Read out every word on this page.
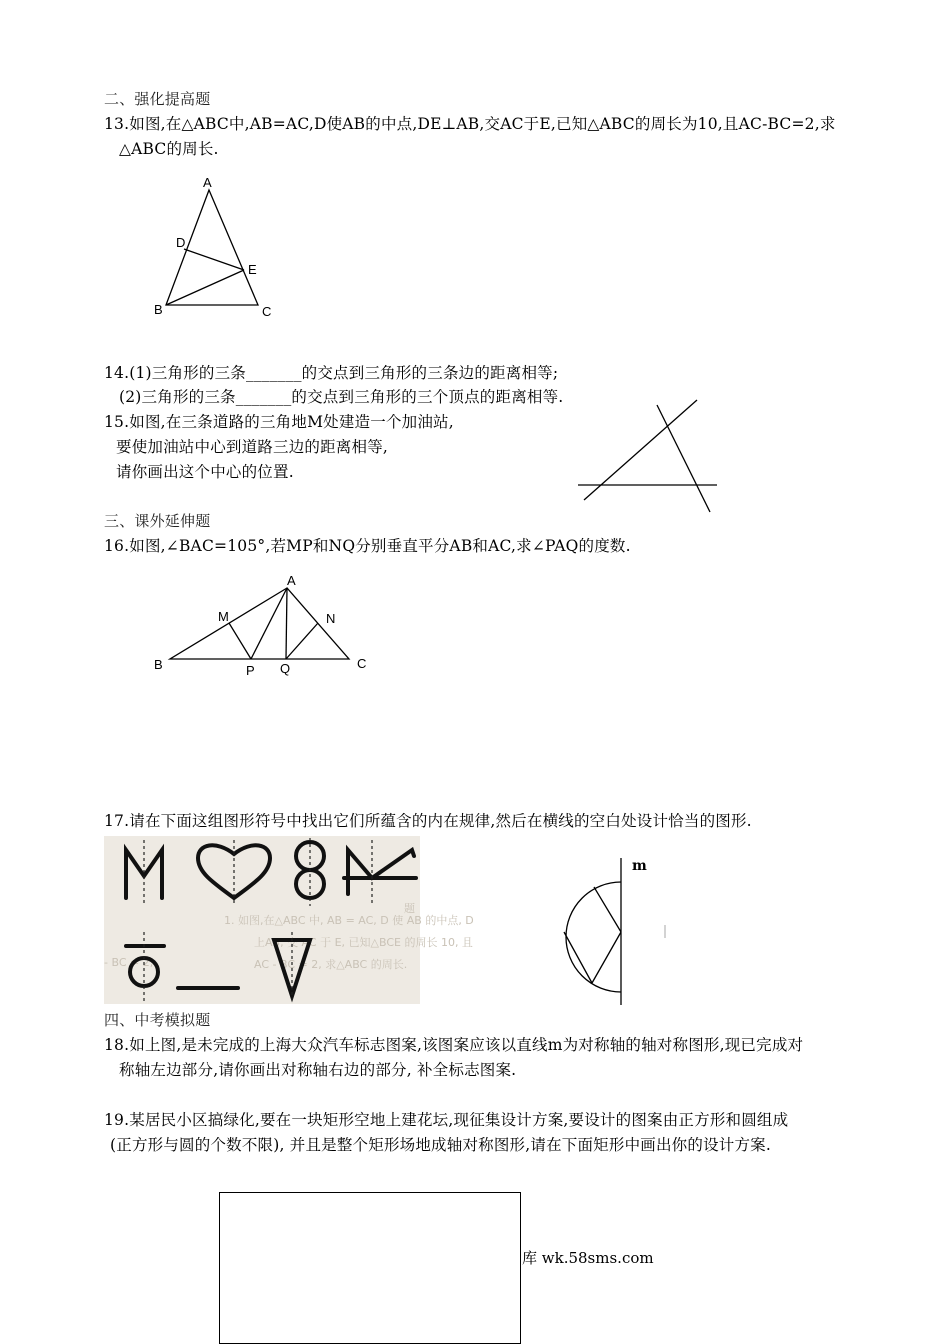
二、强化提高题
13.如图,在△ABC中,AB=AC,D使AB的中点,DE⊥AB,交AC于E,已知△ABC的周长为10,且AC-BC=2,求
△ABC的周长.
A
D
E
B	C
14.(1)三角形的三条_______的交点到三角形的三条边的距离相等;
(2)三角形的三条_______的交点到三角形的三个顶点的距离相等.
15.如图,在三条道路的三角地M处建造一个加油站,
要使加油站中心到道路三边的距离相等,
请你画出这个中心的位置.
三、课外延伸题
16.如图,∠BAC=105°,若MP和NQ分别垂直平分AB和AC,求∠PAQ的度数.
A
M	N
B	P Q	C
17.请在下面这组图形符号中找出它们所蕴含的内在规律,然后在横线的空白处设计恰当的图形.
题
1. 如图,在△ABC 中, AB = AC, D 使 AB 的中点, D
上AB, 交 AC 于 E, 已知△BCE 的周长 10, 且
AC - BC = 2, 求△ABC 的周长.
- BC = 2,
m
四、中考模拟题
18.如上图,是未完成的上海大众汽车标志图案,该图案应该以直线m为对称轴的轴对称图形,现已完成对
称轴左边部分,请你画出对称轴右边的部分, 补全标志图案.
19.某居民小区搞绿化,要在一块矩形空地上建花坛,现征集设计方案,要设计的图案由正方形和圆组成
(正方形与圆的个数不限), 并且是整个矩形场地成轴对称图形,请在下面矩形中画出你的设计方案.
库 wk.58sms.com
